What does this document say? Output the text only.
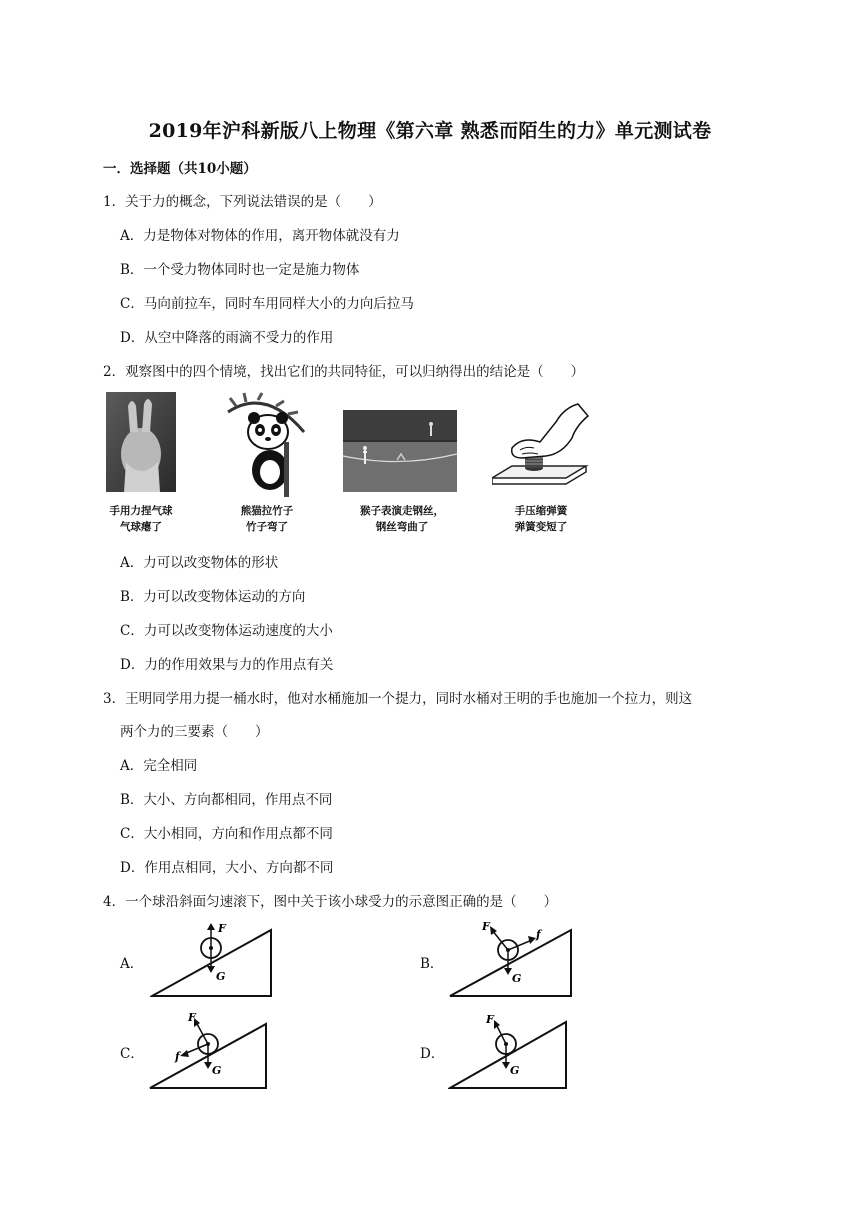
2019年沪科新版八上物理《第六章 熟悉而陌生的力》单元测试卷
一．选择题（共10小题）
1．关于力的概念，下列说法错误的是（　　）
A．力是物体对物体的作用，离开物体就没有力
B．一个受力物体同时也一定是施力物体
C．马向前拉车，同时车用同样大小的力向后拉马
D．从空中降落的雨滴不受力的作用
2．观察图中的四个情境，找出它们的共同特征，可以归纳得出的结论是（　　）
手用力捏气球
气球瘪了
熊猫拉竹子
竹子弯了
猴子表演走钢丝，
钢丝弯曲了
手压缩弹簧
弹簧变短了
A．力可以改变物体的形状
B．力可以改变物体运动的方向
C．力可以改变物体运动速度的大小
D．力的作用效果与力的作用点有关
3．王明同学用力提一桶水时，他对水桶施加一个提力，同时水桶对王明的手也施加一个拉力，则这
两个力的三要素（　　）
A．完全相同
B．大小、方向都相同，作用点不同
C．大小相同，方向和作用点都不同
D．作用点相同，大小、方向都不同
4．一个球沿斜面匀速滚下，图中关于该小球受力的示意图正确的是（　　）
A．	B．
C．	D．
F
G
F
f
G
F
f
G
F
G
